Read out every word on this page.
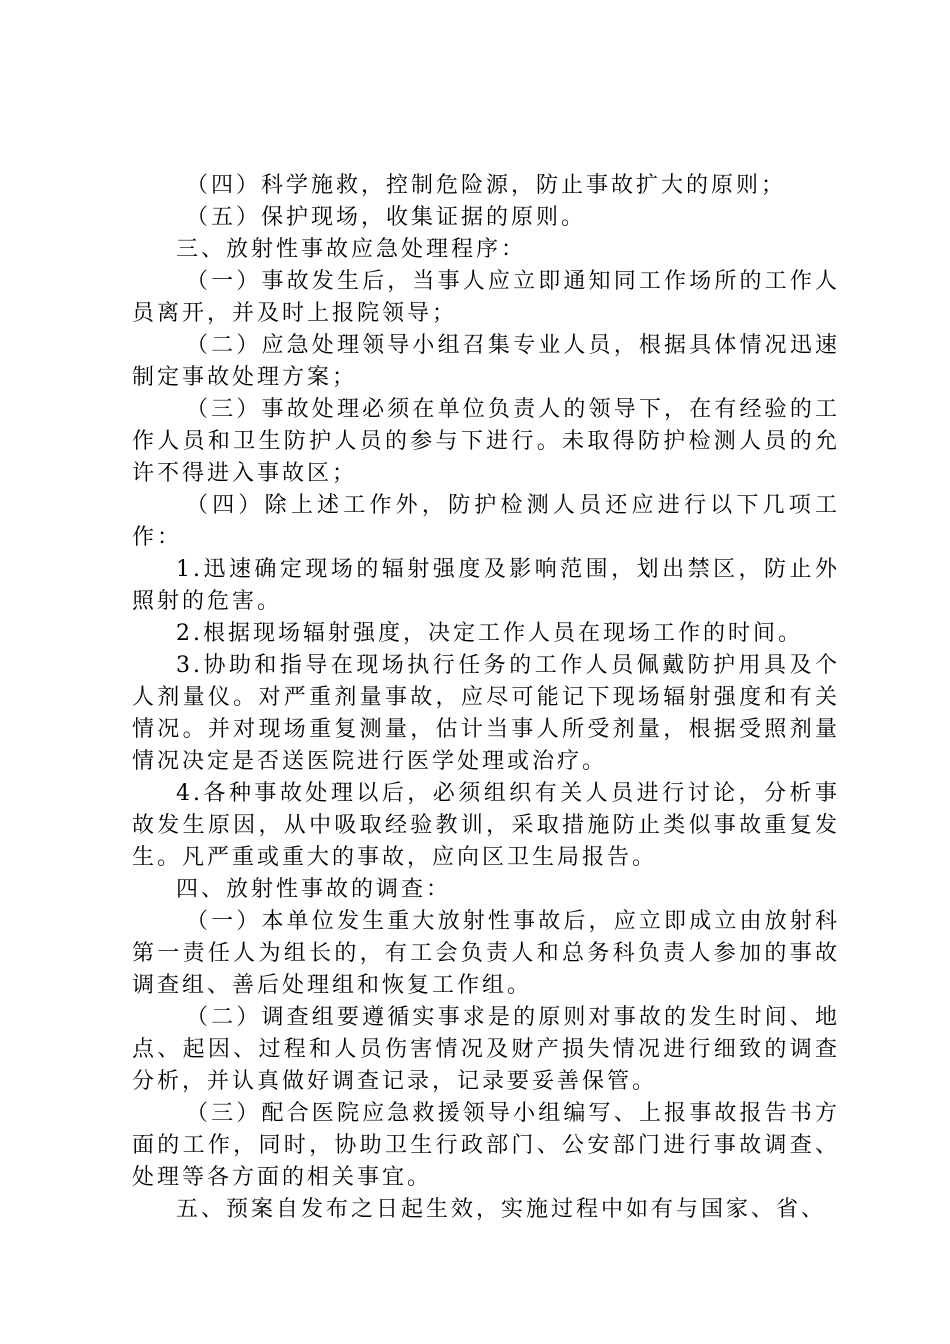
（四）科学施救，控制危险源，防止事故扩大的原则；

（五）保护现场，收集证据的原则。

三、放射性事故应急处理程序：

（一）事故发生后，当事人应立即通知同工作场所的工作人员离开，并及时上报院领导；

（二）应急处理领导小组召集专业人员，根据具体情况迅速制定事故处理方案；

（三）事故处理必须在单位负责人的领导下，在有经验的工作人员和卫生防护人员的参与下进行。未取得防护检测人员的允许不得进入事故区；

（四）除上述工作外，防护检测人员还应进行以下几项工作：

1.迅速确定现场的辐射强度及影响范围，划出禁区，防止外照射的危害。

2.根据现场辐射强度，决定工作人员在现场工作的时间。

3.协助和指导在现场执行任务的工作人员佩戴防护用具及个人剂量仪。对严重剂量事故，应尽可能记下现场辐射强度和有关情况。并对现场重复测量，估计当事人所受剂量，根据受照剂量情况决定是否送医院进行医学处理或治疗。

4.各种事故处理以后，必须组织有关人员进行讨论，分析事故发生原因，从中吸取经验教训，采取措施防止类似事故重复发生。凡严重或重大的事故，应向区卫生局报告。

四、放射性事故的调查：

（一）本单位发生重大放射性事故后，应立即成立由放射科第一责任人为组长的，有工会负责人和总务科负责人参加的事故调查组、善后处理组和恢复工作组。

（二）调查组要遵循实事求是的原则对事故的发生时间、地点、起因、过程和人员伤害情况及财产损失情况进行细致的调查分析，并认真做好调查记录，记录要妥善保管。

（三）配合医院应急救援领导小组编写、上报事故报告书方面的工作，同时，协助卫生行政部门、公安部门进行事故调查、处理等各方面的相关事宜。

五、预案自发布之日起生效，实施过程中如有与国家、省、
